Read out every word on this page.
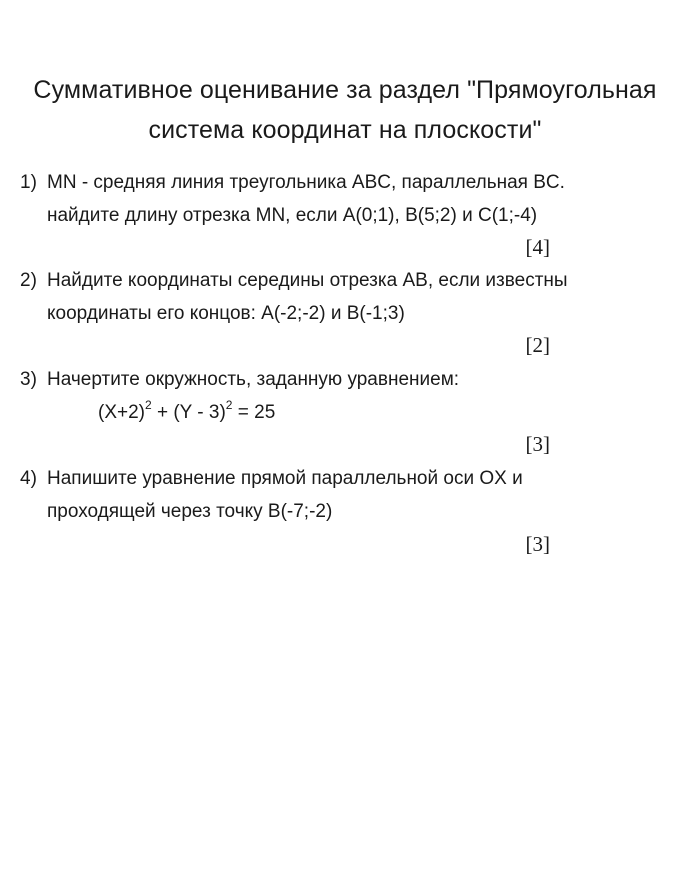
Суммативное оценивание за раздел "Прямоугольная
система координат на плоскости"
1) MN - средняя линия треугольника ABC, параллельная BC.
найдите длину отрезка MN, если A(0;1), B(5;2) и C(1;-4)
[4]
2) Найдите координаты середины отрезка AB, если известны
координаты его концов: A(-2;-2) и B(-1;3)
[2]
3) Начертите окружность, заданную уравнением:
$(X+2)^2 + (Y - 3)^2 = 25$
[3]
4) Напишите уравнение прямой параллельной оси OX и
проходящей через точку B(-7;-2)
[3]
